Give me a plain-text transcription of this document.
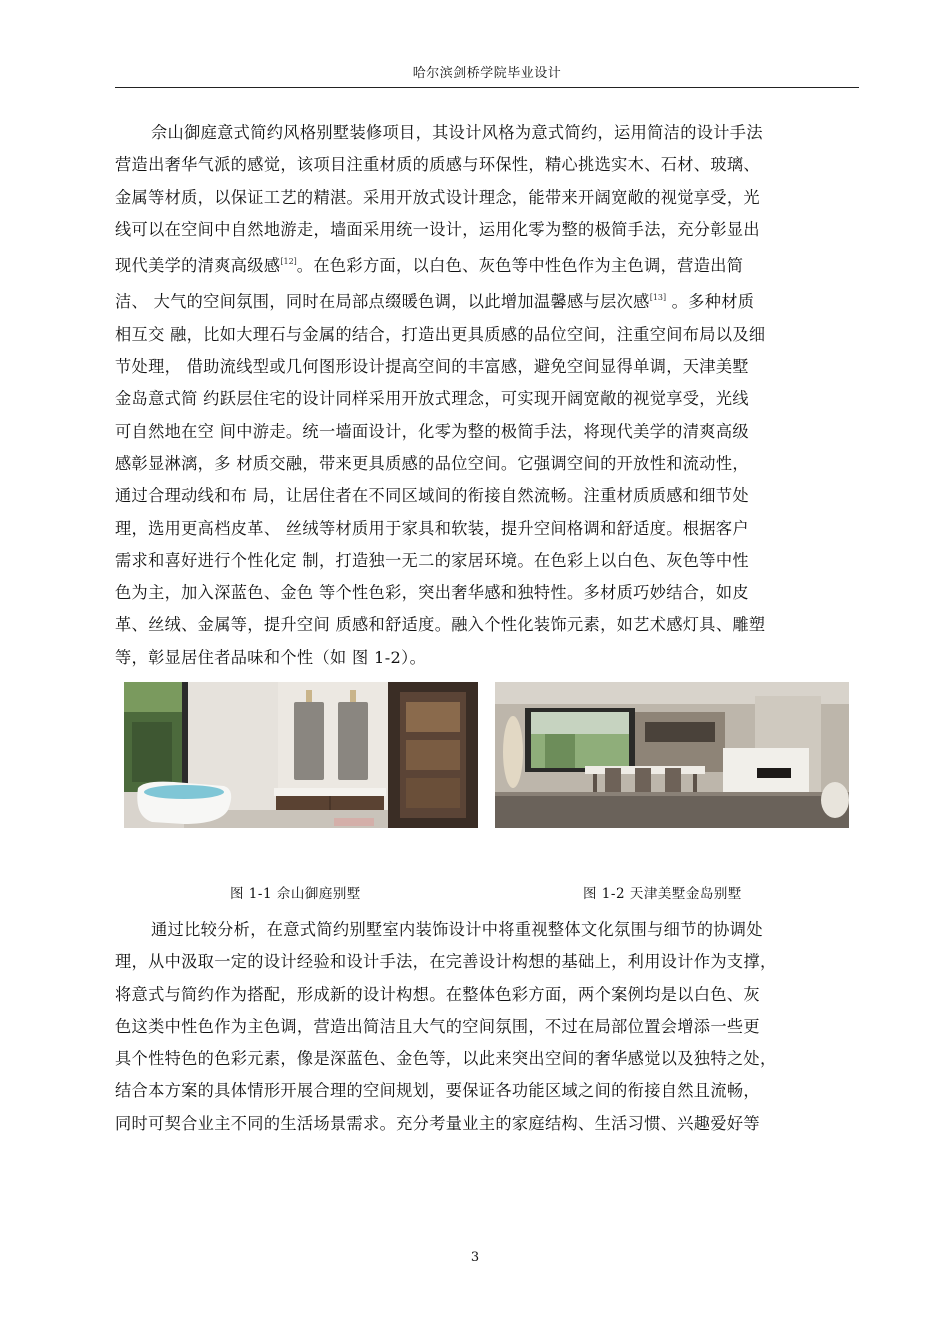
哈尔滨剑桥学院毕业设计
佘山御庭意式简约风格别墅装修项目，其设计风格为意式简约，运用简洁的设计手法
营造出奢华气派的感觉，该项目注重材质的质感与环保性，精心挑选实木、石材、玻璃、
金属等材质，以保证工艺的精湛。采用开放式设计理念，能带来开阔宽敞的视觉享受，光
线可以在空间中自然地游走，墙面采用统一设计，运用化零为整的极简手法，充分彰显出
现代美学的清爽高级感[12]。在色彩方面，以白色、灰色等中性色作为主色调，营造出简
洁、 大气的空间氛围，同时在局部点缀暖色调，以此增加温馨感与层次感[13] 。多种材质
相互交 融，比如大理石与金属的结合，打造出更具质感的品位空间，注重空间布局以及细
节处理， 借助流线型或几何图形设计提高空间的丰富感，避免空间显得单调，天津美墅
金岛意式简 约跃层住宅的设计同样采用开放式理念，可实现开阔宽敞的视觉享受，光线
可自然地在空 间中游走。统一墙面设计，化零为整的极简手法，将现代美学的清爽高级
感彰显淋漓，多 材质交融，带来更具质感的品位空间。它强调空间的开放性和流动性，
通过合理动线和布 局，让居住者在不同区域间的衔接自然流畅。注重材质质感和细节处
理，选用更高档皮革、 丝绒等材质用于家具和软装，提升空间格调和舒适度。根据客户
需求和喜好进行个性化定 制，打造独一无二的家居环境。在色彩上以白色、灰色等中性
色为主，加入深蓝色、金色 等个性色彩，突出奢华感和独特性。多材质巧妙结合，如皮
革、丝绒、金属等，提升空间 质感和舒适度。融入个性化装饰元素，如艺术感灯具、雕塑
等，彰显居住者品味和个性（如 图 1-2）。
图 1-1 佘山御庭别墅	图 1-2 天津美墅金岛别墅
通过比较分析，在意式简约别墅室内装饰设计中将重视整体文化氛围与细节的协调处
理，从中汲取一定的设计经验和设计手法，在完善设计构想的基础上，利用设计作为支撑，
将意式与简约作为搭配，形成新的设计构想。在整体色彩方面，两个案例均是以白色、灰
色这类中性色作为主色调，营造出简洁且大气的空间氛围，不过在局部位置会增添一些更
具个性特色的色彩元素，像是深蓝色、金色等，以此来突出空间的奢华感觉以及独特之处，
结合本方案的具体情形开展合理的空间规划，要保证各功能区域之间的衔接自然且流畅，
同时可契合业主不同的生活场景需求。充分考量业主的家庭结构、生活习惯、兴趣爱好等
3
